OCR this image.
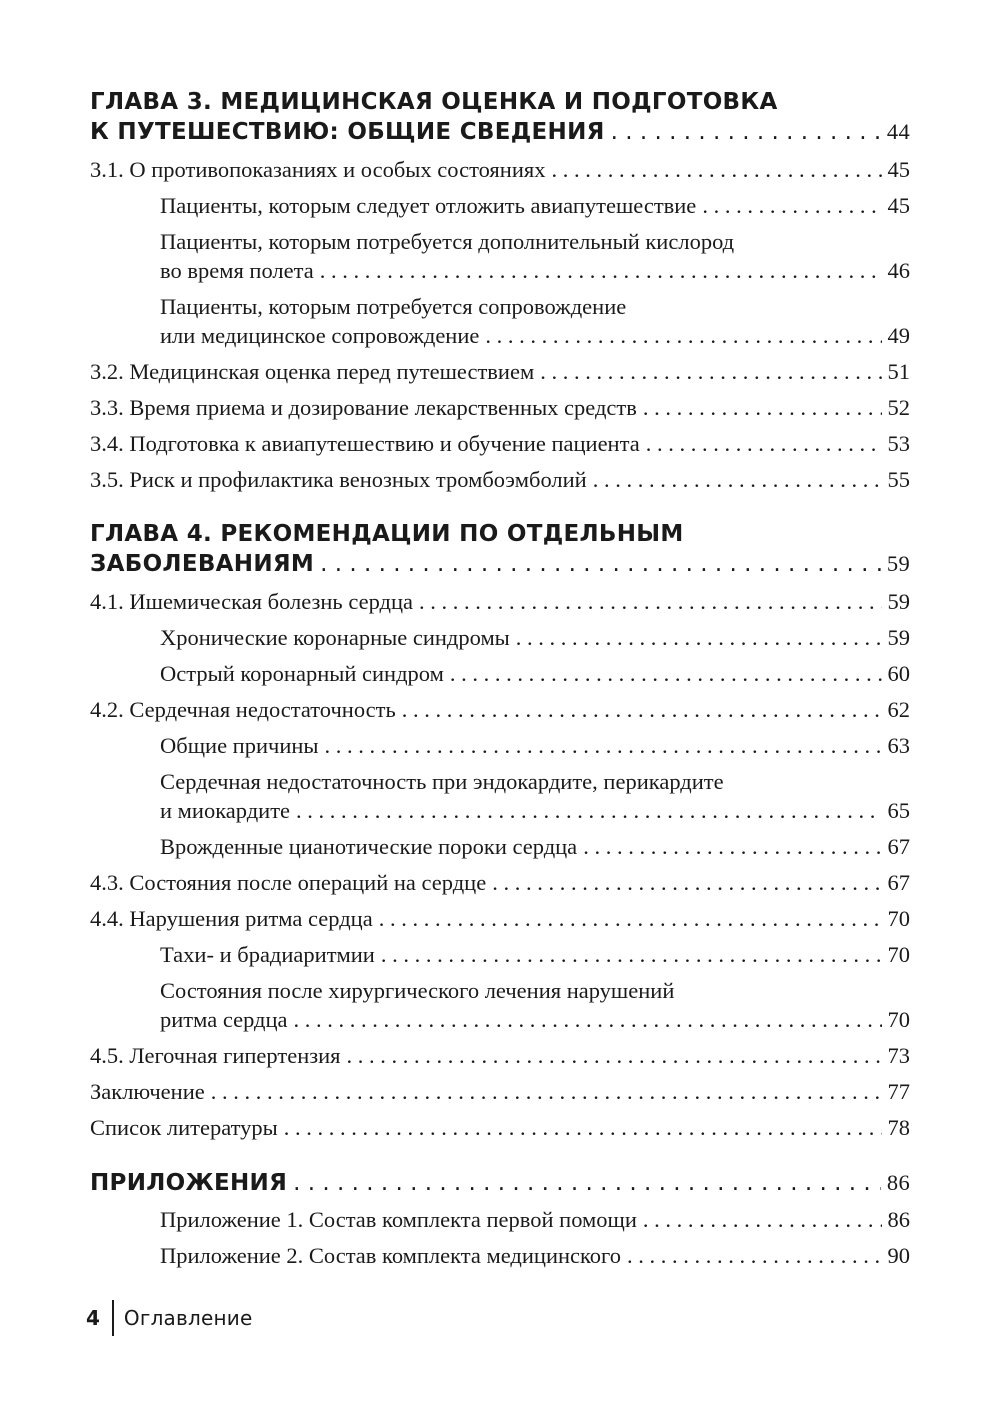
ГЛАВА 3. МЕДИЦИНСКАЯ ОЦЕНКА И ПОДГОТОВКА
К ПУТЕШЕСТВИЮ: ОБЩИЕ СВЕДЕНИЯ . . .	44
3.1. О противопоказаниях и особых состояниях . . .	45
Пациенты, которым следует отложить авиапутешествие . . .	45
Пациенты, которым потребуется дополнительный кислород
во время полета . . .	46
Пациенты, которым потребуется сопровождение
или медицинское сопровождение . . .	49
3.2. Медицинская оценка перед путешествием . . .	51
3.3. Время приема и дозирование лекарственных средств . . .	52
3.4. Подготовка к авиапутешествию и обучение пациента . . .	53
3.5. Риск и профилактика венозных тромбоэмболий . . .	55
ГЛАВА 4. РЕКОМЕНДАЦИИ ПО ОТДЕЛЬНЫМ
ЗАБОЛЕВАНИЯМ . . .	59
4.1. Ишемическая болезнь сердца . . .	59
Хронические коронарные синдромы . . .	59
Острый коронарный синдром . . .	60
4.2. Сердечная недостаточность . . .	62
Общие причины . . .	63
Сердечная недостаточность при эндокардите, перикардите
и миокардите . . .	65
Врожденные цианотические пороки сердца . . .	67
4.3. Состояния после операций на сердце . . .	67
4.4. Нарушения ритма сердца . . .	70
Тахи- и брадиаритмии . . .	70
Состояния после хирургического лечения нарушений
ритма сердца . . .	70
4.5. Легочная гипертензия . . .	73
Заключение . . .	77
Список литературы . . .	78
ПРИЛОЖЕНИЯ . . .	86
Приложение 1. Состав комплекта первой помощи . . .	86
Приложение 2. Состав комплекта медицинского . . .	90
4 Оглавление
